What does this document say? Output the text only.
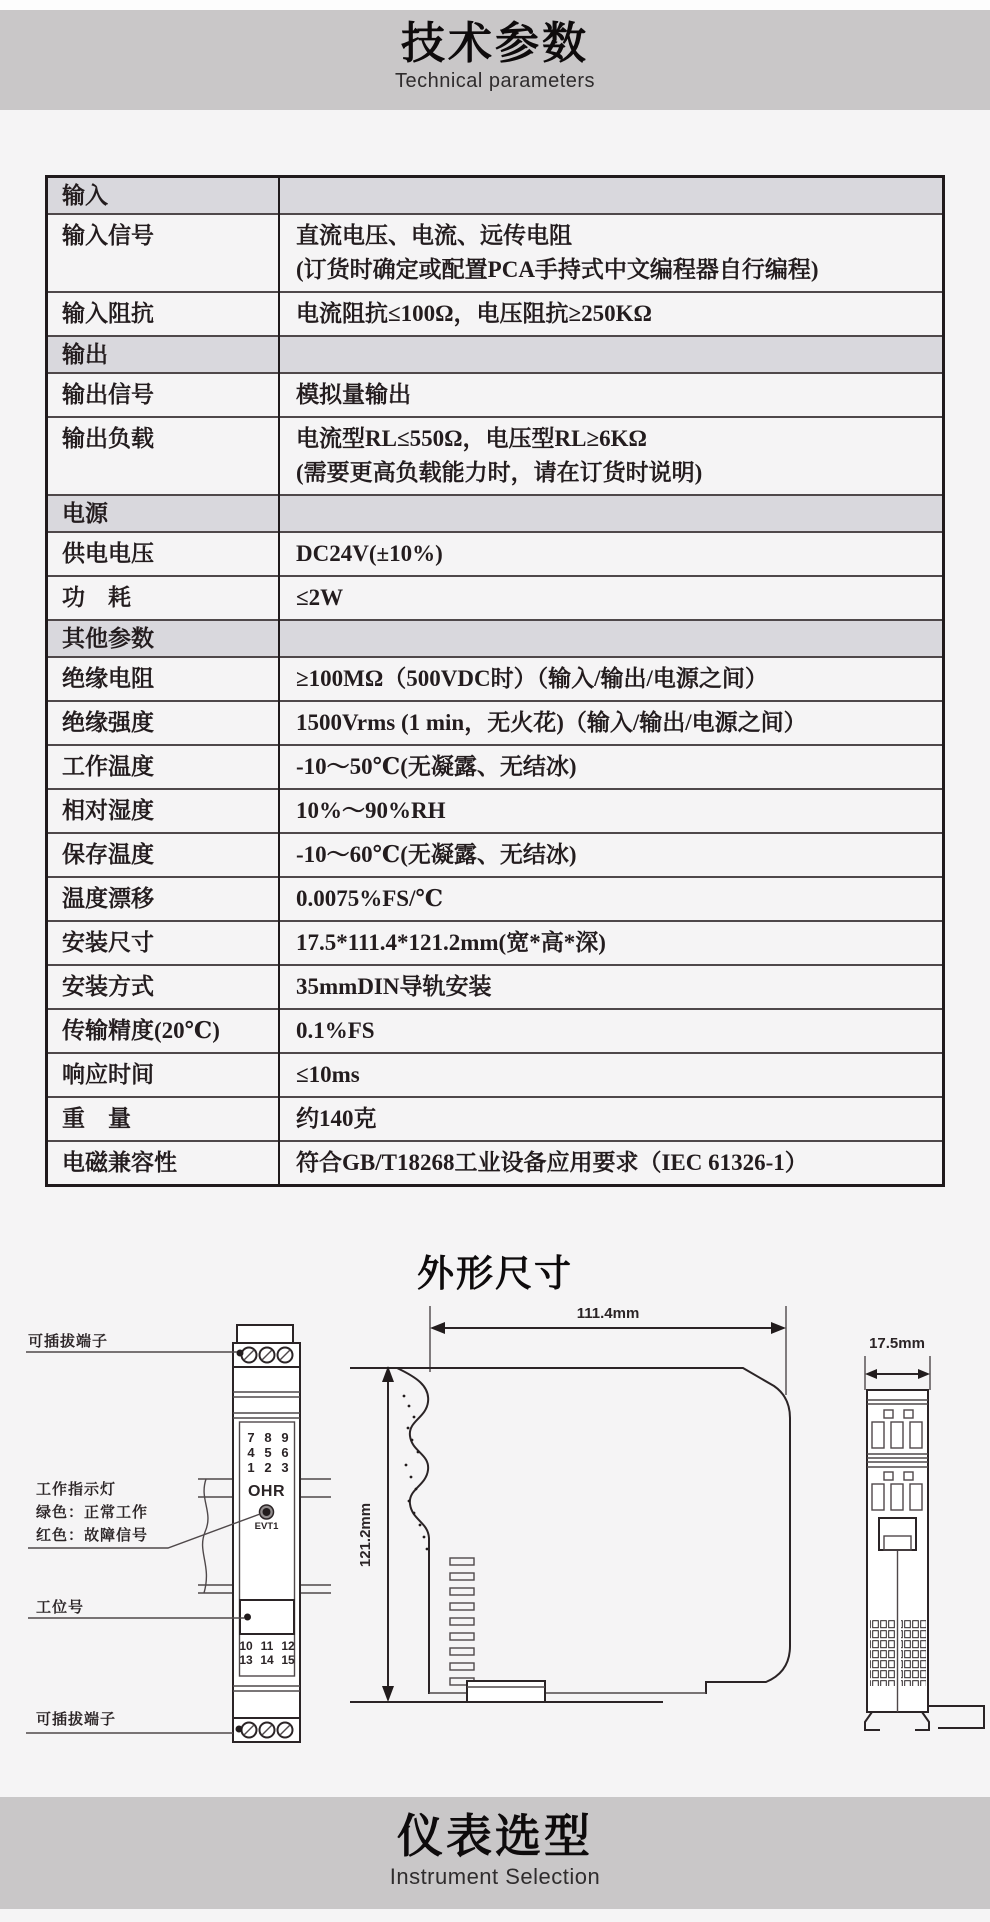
技术参数
Technical parameters
输入	
输入信号	直流电压、电流、远传电阻
(订货时确定或配置PCA手持式中文编程器自行编程)

输入阻抗	电流阻抗≤100Ω，电压阻抗≥250KΩ

输出	
输出信号	模拟量输出

输出负载	电流型RL≤550Ω，电压型RL≥6KΩ
(需要更高负载能力时，请在订货时说明)

电源	
供电电压	DC24V(±10%)

功　耗	≤2W

其他参数	
绝缘电阻	≥100MΩ（500VDC时）（输入/输出/电源之间）

绝缘强度	1500Vrms (1 min，无火花)（输入/输出/电源之间）

工作温度	-10～50℃(无凝露、无结冰)

相对湿度	10%～90%RH

保存温度	-10～60℃(无凝露、无结冰)

温度漂移	0.0075%FS/℃

安装尺寸	17.5*111.4*121.2mm(宽*高*深)

安装方式	35mmDIN导轨安装

传输精度(20℃)	0.1%FS

响应时间	≤10ms

重　量	约140克

电磁兼容性	符合GB/T18268工业设备应用要求（IEC 61326-1）
外形尺寸
7 8 9
4 5 6
1 2 3
OHR
EVT1
10 11 12
13 14 15
可插拔端子
工作指示灯
绿色：正常工作
红色：故障信号
工位号
可插拔端子
111.4mm
121.2mm
17.5mm
仪表选型
Instrument Selection
